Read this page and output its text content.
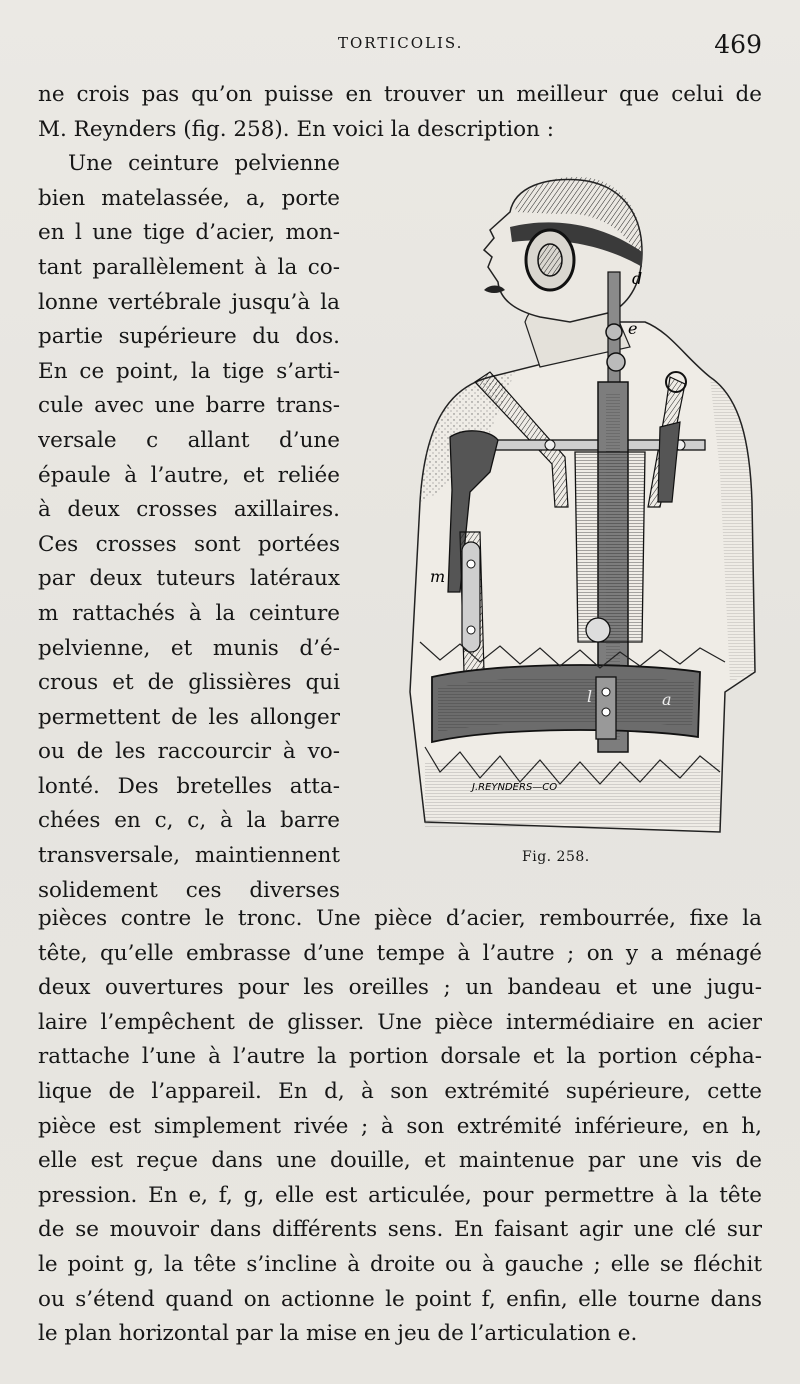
TORTICOLIS.	469
ne crois pas qu’on puisse en trouver un meilleur que celui de
M. Reynders (fig. 258). En voici la description :
Une ceinture pelvienne
bien matelassée, a, porte
en l une tige d’acier, mon-
tant parallèlement à la co-
lonne vertébrale jusqu’à la
partie supérieure du dos.
En ce point, la tige s’arti-
cule avec une barre trans-
versale c allant d’une
épaule à l’autre, et reliée
à deux crosses axillaires.
Ces crosses sont portées
par deux tuteurs latéraux
m rattachés à la ceinture
pelvienne, et munis d’é-
crous et de glissières qui
permettent de les allonger
ou de les raccourcir à vo-
lonté. Des bretelles atta-
chées en c, c, à la barre
transversale, maintiennent
solidement ces diverses
d
e
m
l	a
J.REYNDERS—CO
Fig. 258.
pièces contre le tronc. Une pièce d’acier, rembourrée, fixe la
tête, qu’elle embrasse d’une tempe à l’autre ; on y a ménagé
deux ouvertures pour les oreilles ; un bandeau et une jugu-
laire l’empêchent de glisser. Une pièce intermédiaire en acier
rattache l’une à l’autre la portion dorsale et la portion cépha-
lique de l’appareil. En d, à son extrémité supérieure, cette
pièce est simplement rivée ; à son extrémité inférieure, en h,
elle est reçue dans une douille, et maintenue par une vis de
pression. En e, f, g, elle est articulée, pour permettre à la tête
de se mouvoir dans différents sens. En faisant agir une clé sur
le point g, la tête s’incline à droite ou à gauche ; elle se fléchit
ou s’étend quand on actionne le point f, enfin, elle tourne dans
le plan horizontal par la mise en jeu de l’articulation e.
